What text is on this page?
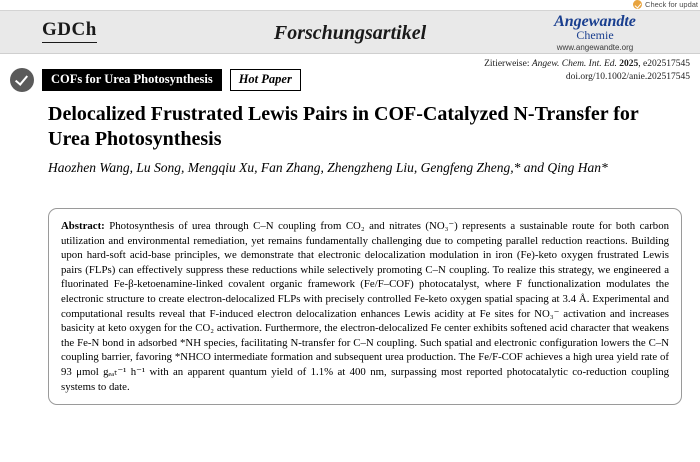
Check for updat
GDCh	Forschungsartikel
Angewandte
Chemie
www.angewandte.org
Zitierweise: Angew. Chem. Int. Ed. 2025, e202517545
doi.org/10.1002/anie.202517545
COFs for Urea Photosynthesis	Hot Paper
Delocalized Frustrated Lewis Pairs in COF-Catalyzed N-Transfer for Urea Photosynthesis
Haozhen Wang, Lu Song, Mengqiu Xu, Fan Zhang, Zhengzheng Liu, Gengfeng Zheng,* and Qing Han*

Abstract: Photosynthesis of urea through C–N coupling from CO₂ and nitrates (NO₃⁻) represents a sustainable route for both carbon utilization and environmental remediation, yet remains fundamentally challenging due to competing parallel reduction reactions. Building upon hard-soft acid-base principles, we demonstrate that electronic delocalization modulation in iron (Fe)-keto oxygen frustrated Lewis pairs (FLPs) can effectively suppress these reductions while selectively promoting C–N coupling. To realize this strategy, we engineered a fluorinated Fe-β-ketoenamine-linked covalent organic framework (Fe/F–COF) photocatalyst, where F functionalization modulates the electronic structure to create electron-delocalized FLPs with precisely controlled Fe-keto oxygen spatial spacing at 3.4 Å. Experimental and computational results reveal that F-induced electron delocalization enhances Lewis acidity at Fe sites for NO₃⁻ activation and increases basicity at keto oxygen for the CO₂ activation. Furthermore, the electron-delocalized Fe center exhibits softened acid character that weakens the Fe-N bond in adsorbed *NH species, facilitating N-transfer for C–N coupling. Such spatial and electronic configuration lowers the C–N coupling barrier, favoring *NHCO intermediate formation and subsequent urea production. The Fe/F-COF achieves a high urea yield rate of 93 μmol gₑₐₜ⁻¹ h⁻¹ with an apparent quantum yield of 1.1% at 400 nm, surpassing most reported photocatalytic co-reduction coupling systems to date.
